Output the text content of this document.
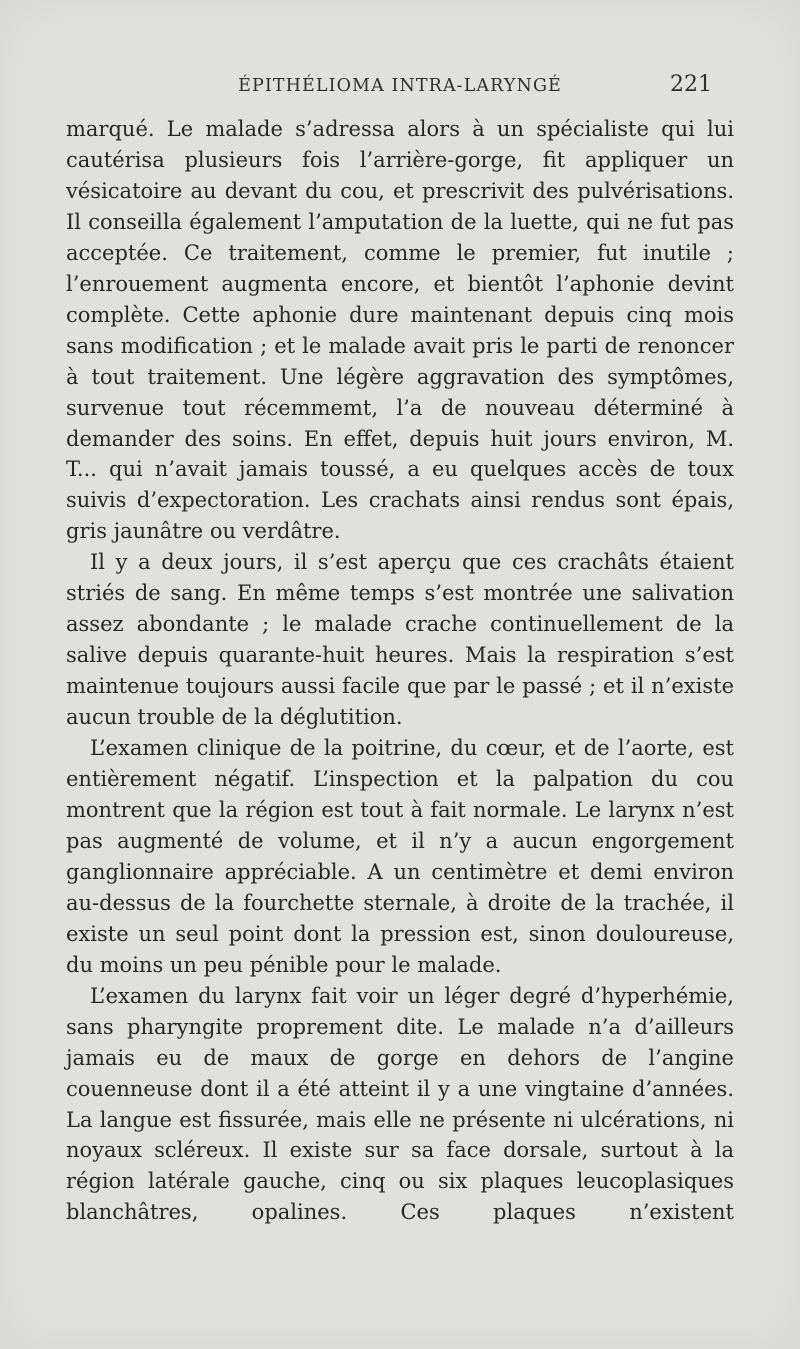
ÉPITHÉLIOMA INTRA-LARYNGÉ	221

marqué. Le malade s’adressa alors à un spécialiste qui lui cautérisa plusieurs fois l’arrière-gorge, fit appliquer un vésicatoire au devant du cou, et prescrivit des pulvérisations. Il conseilla également l’amputation de la luette, qui ne fut pas acceptée. Ce traitement, comme le premier, fut inutile ; l’enrouement augmenta encore, et bientôt l’aphonie devint complète. Cette aphonie dure maintenant depuis cinq mois sans modification ; et le malade avait pris le parti de renoncer à tout traitement. Une légère aggravation des symptômes, survenue tout récemmemt, l’a de nouveau déterminé à demander des soins. En effet, depuis huit jours environ, M. T... qui n’avait jamais toussé, a eu quelques accès de toux suivis d’expectoration. Les crachats ainsi rendus sont épais, gris jaunâtre ou verdâtre.

Il y a deux jours, il s’est aperçu que ces crachâts étaient striés de sang. En même temps s’est montrée une salivation assez abondante ; le malade crache continuellement de la salive depuis quarante-huit heures. Mais la respiration s’est maintenue toujours aussi facile que par le passé ; et il n’existe aucun trouble de la déglutition.

L’examen clinique de la poitrine, du cœur, et de l’aorte, est entièrement négatif. L’inspection et la palpation du cou montrent que la région est tout à fait normale. Le larynx n’est pas augmenté de volume, et il n’y a aucun engorgement ganglionnaire appréciable. A un centimètre et demi environ au-dessus de la fourchette sternale, à droite de la trachée, il existe un seul point dont la pression est, sinon douloureuse, du moins un peu pénible pour le malade.

L’examen du larynx fait voir un léger degré d’hyperhémie, sans pharyngite proprement dite. Le malade n’a d’ailleurs jamais eu de maux de gorge en dehors de l’angine couenneuse dont il a été atteint il y a une vingtaine d’années. La langue est fissurée, mais elle ne présente ni ulcérations, ni noyaux scléreux. Il existe sur sa face dorsale, surtout à la région latérale gauche, cinq ou six plaques leucoplasiques blanchâtres, opalines. Ces plaques n’existent
